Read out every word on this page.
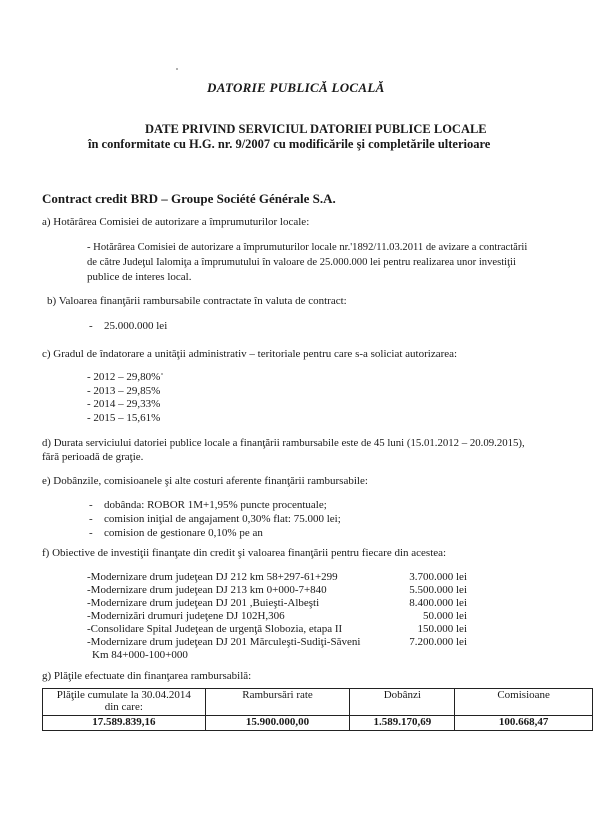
DATORIE PUBLICĂ LOCALĂ
DATE PRIVIND SERVICIUL DATORIEI PUBLICE LOCALE
în conformitate cu H.G. nr. 9/2007 cu modificările şi completările ulterioare
Contract credit BRD – Groupe Société Générale S.A.
a) Hotărârea Comisiei de autorizare a împrumuturilor locale:
- Hotărârea Comisiei de autorizare a împrumuturilor locale nr.'1892/11.03.2011 de avizare a contractării
de către Judeţul Ialomiţa a împrumutului în valoare de 25.000.000 lei pentru realizarea unor investiţii
publice de interes local.
b) Valoarea finanţării rambursabile contractate în valuta de contract:
- 25.000.000 lei
c) Gradul de îndatorare a unităţii administrativ – teritoriale pentru care s-a soliciat autorizarea:
- 2012 – 29,80%
- 2013 – 29,85%
- 2014 – 29,33%
- 2015 – 15,61%
d) Durata serviciului datoriei publice locale a finanţării rambursabile este de 45 luni (15.01.2012 – 20.09.2015),
fără perioadă de graţie.
e) Dobânzile, comisioanele şi alte costuri aferente finanţării rambursabile:
- dobânda: ROBOR 1M+1,95% puncte procentuale;
- comision iniţial de angajament 0,30% flat: 75.000 lei;
- comision de gestionare 0,10% pe an
f) Obiective de investiţii finanţate din credit şi valoarea finanţării pentru fiecare din acestea:
-Modernizare drum judeţean DJ 212 km 58+297-61+299	3.700.000 lei
-Modernizare drum judeţean DJ 213 km 0+000-7+840	5.500.000 lei
-Modernizare drum judeţean DJ 201 ,Buieşti-Albeşti	8.400.000 lei
-Modernizări drumuri judeţene DJ 102H,306	50.000 lei
-Consolidare Spital Judeţean de urgenţă Slobozia, etapa II	150.000 lei
-Modernizare drum judeţean DJ 201 Mărculeşti-Sudiţi-Săveni	7.200.000 lei
Km 84+000-100+000
g) Plăţile efectuate din finanţarea rambursabilă:
Plăţile cumulate la 30.04.2014
din care:	Rambursări rate	Dobânzi	Comisioane
17.589.839,16	15.900.000,00	1.589.170,69	100.668,47
